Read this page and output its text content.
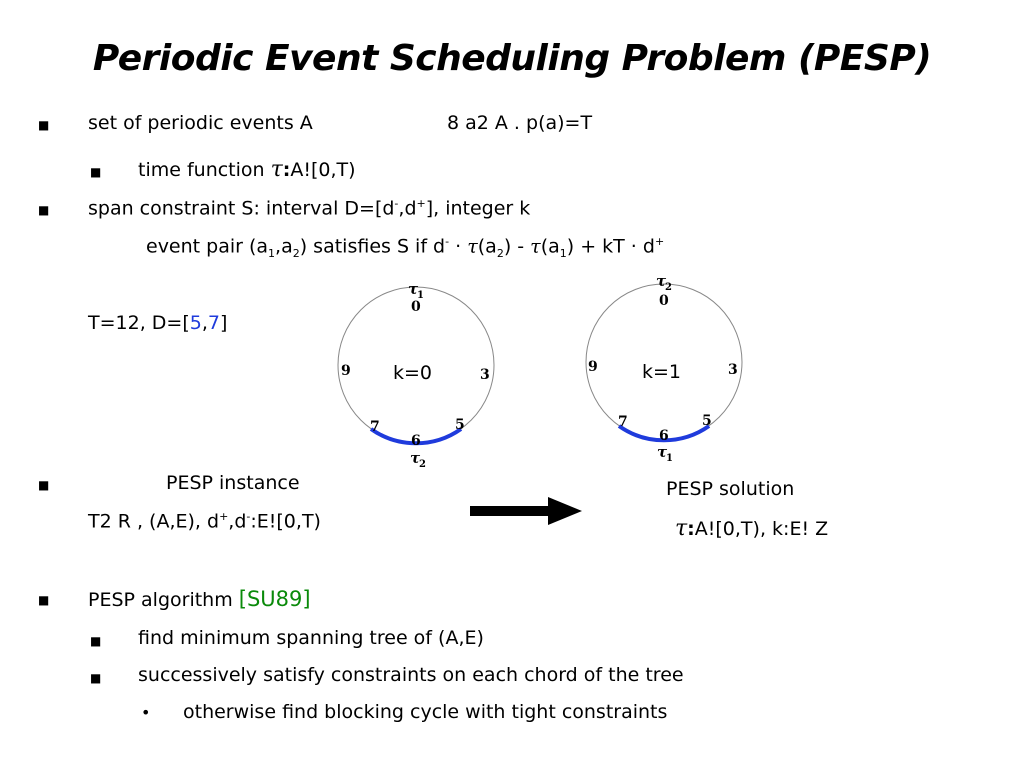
Periodic Event Scheduling Problem (PESP)
■ set of periodic events A	8 a2 A . p(a)=T
■ time function τ:A![0,T)
■ span constraint S: interval D=[d-,d+], integer k
event pair $(a_1,a_2)$ satisfies S if $d^- \cdot \tau(a_2) - \tau(a_1)$ + kT · d+
T=12, D=[5,7]
τ
1
0
3
5
6
7
9
τ
2
k=0
τ
2
0
3
5
6
7
9
τ
1
k=1
■	PESP instance
T2 R , (A,E), d+,d-:E![0,T)
PESP solution
τ:A![0,T), k:E! Z
■ PESP algorithm [SU89]
■ find minimum spanning tree of (A,E)
■ successively satisfy constraints on each chord of the tree
• otherwise find blocking cycle with tight constraints
